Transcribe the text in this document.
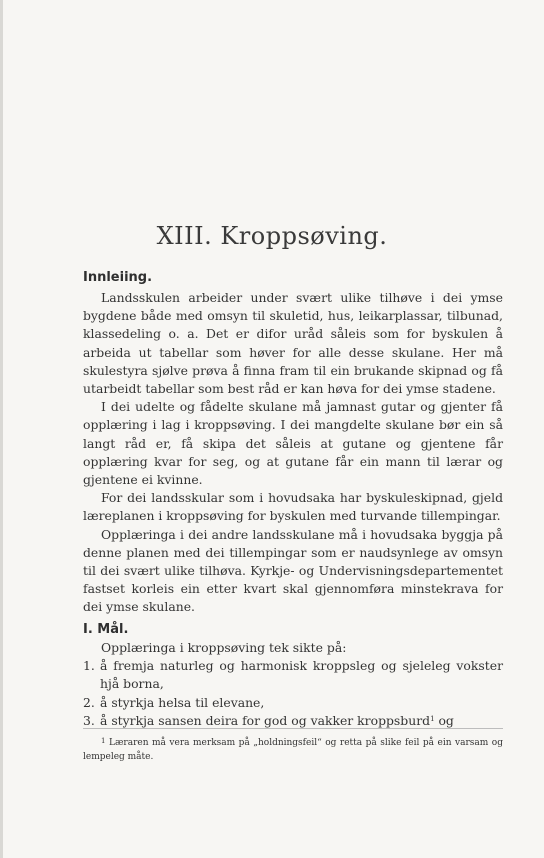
XIII. Kroppsøving.
Innleiing.

Landsskulen arbeider under svært ulike tilhøve i dei ymse bygdene både med omsyn til skuletid, hus, leikarplassar, tilbunad, klassedeling o. a. Det er difor uråd såleis som for byskulen å arbeida ut tabellar som høver for alle desse skulane. Her må skulestyra sjølve prøva å finna fram til ein brukande skipnad og få utarbeidt tabellar som best råd er kan høva for dei ymse stadene.

I dei udelte og fådelte skulane må jamnast gutar og gjenter få opplæring i lag i kroppsøving. I dei mangdelte skulane bør ein så langt råd er, få skipa det såleis at gutane og gjentene får opplæring kvar for seg, og at gutane får ein mann til lærar og gjentene ei kvinne.

For dei landsskular som i hovudsaka har byskuleskipnad, gjeld læreplanen i kroppsøving for byskulen med turvande tillempingar.

Opplæringa i dei andre landsskulane må i hovudsaka byggja på denne planen med dei tillempingar som er naudsynlege av omsyn til dei svært ulike tilhøva. Kyrkje- og Undervisningsdepartementet fastset korleis ein etter kvart skal gjennomføra minstekrava for dei ymse skulane.

I. Mål.

Opplæringa i kroppsøving tek sikte på:

1. å fremja naturleg og harmonisk kroppsleg og sjeleleg vokster hjå borna,

2. å styrkja helsa til elevane,

3. å styrkja sansen deira for god og vakker kroppsburd$^1$ og

$^1$ Læraren må vera merksam på „holdningsfeil“ og retta på slike feil på ein varsam og lempeleg måte.
